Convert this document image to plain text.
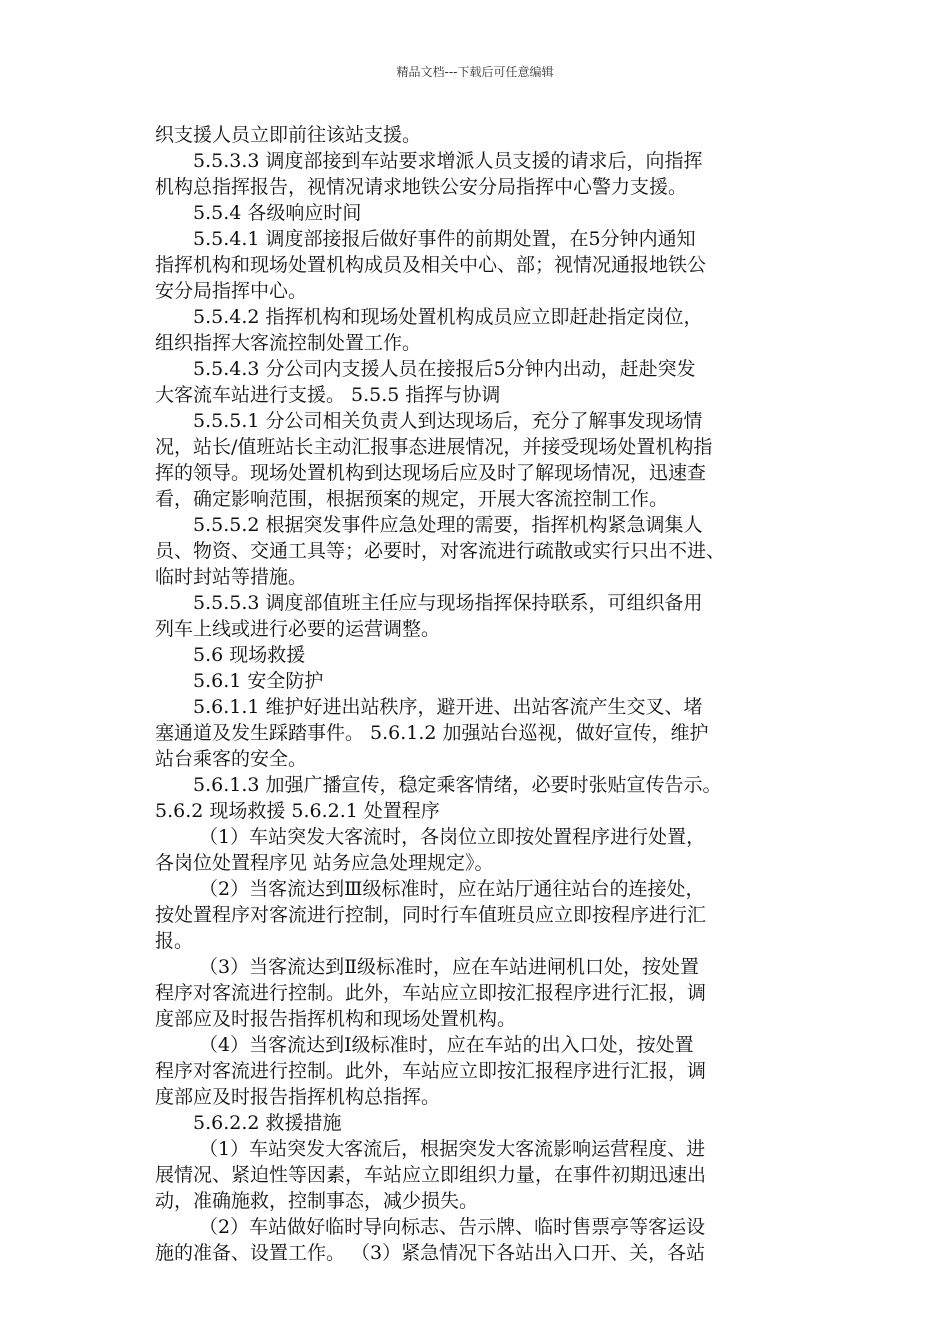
精品文档---下载后可任意编辑
织支援人员立即前往该站支援。
　　5.5.3.3 调度部接到车站要求增派人员支援的请求后，向指挥
机构总指挥报告，视情况请求地铁公安分局指挥中心警力支援。
　　5.5.4 各级响应时间
　　5.5.4.1 调度部接报后做好事件的前期处置，在5分钟内通知
指挥机构和现场处置机构成员及相关中心、部；视情况通报地铁公
安分局指挥中心。
　　5.5.4.2 指挥机构和现场处置机构成员应立即赶赴指定岗位，
组织指挥大客流控制处置工作。
　　5.5.4.3 分公司内支援人员在接报后5分钟内出动，赶赴突发
大客流车站进行支援。 5.5.5 指挥与协调
　　5.5.5.1 分公司相关负责人到达现场后，充分了解事发现场情
况，站长/值班站长主动汇报事态进展情况，并接受现场处置机构指
挥的领导。现场处置机构到达现场后应及时了解现场情况，迅速查
看，确定影响范围，根据预案的规定，开展大客流控制工作。
　　5.5.5.2 根据突发事件应急处理的需要，指挥机构紧急调集人
员、物资、交通工具等；必要时，对客流进行疏散或实行只出不进、
临时封站等措施。
　　5.5.5.3 调度部值班主任应与现场指挥保持联系，可组织备用
列车上线或进行必要的运营调整。
　　5.6 现场救援
　　5.6.1 安全防护
　　5.6.1.1 维护好进出站秩序，避开进、出站客流产生交叉、堵
塞通道及发生踩踏事件。 5.6.1.2 加强站台巡视，做好宣传，维护
站台乘客的安全。
　　5.6.1.3 加强广播宣传，稳定乘客情绪，必要时张贴宣传告示。
5.6.2 现场救援 5.6.2.1 处置程序
　　 （1）车站突发大客流时，各岗位立即按处置程序进行处置，
各岗位处置程序见 站务应急处理规定》。
　　 （2）当客流达到Ⅲ级标准时，应在站厅通往站台的连接处，
按处置程序对客流进行控制，同时行车值班员应立即按程序进行汇
报。
　　 （3）当客流达到Ⅱ级标准时，应在车站进闸机口处，按处置
程序对客流进行控制。此外，车站应立即按汇报程序进行汇报，调
度部应及时报告指挥机构和现场处置机构。
　　 （4）当客流达到Ⅰ级标准时，应在车站的出入口处，按处置
程序对客流进行控制。此外，车站应立即按汇报程序进行汇报，调
度部应及时报告指挥机构总指挥。
　　5.6.2.2 救援措施
　　 （1）车站突发大客流后，根据突发大客流影响运营程度、进
展情况、紧迫性等因素，车站应立即组织力量，在事件初期迅速出
动，准确施救，控制事态，减少损失。
　　 （2）车站做好临时导向标志、告示牌、临时售票亭等客运设
施的准备、设置工作。 （3）紧急情况下各站出入口开、关，各站
